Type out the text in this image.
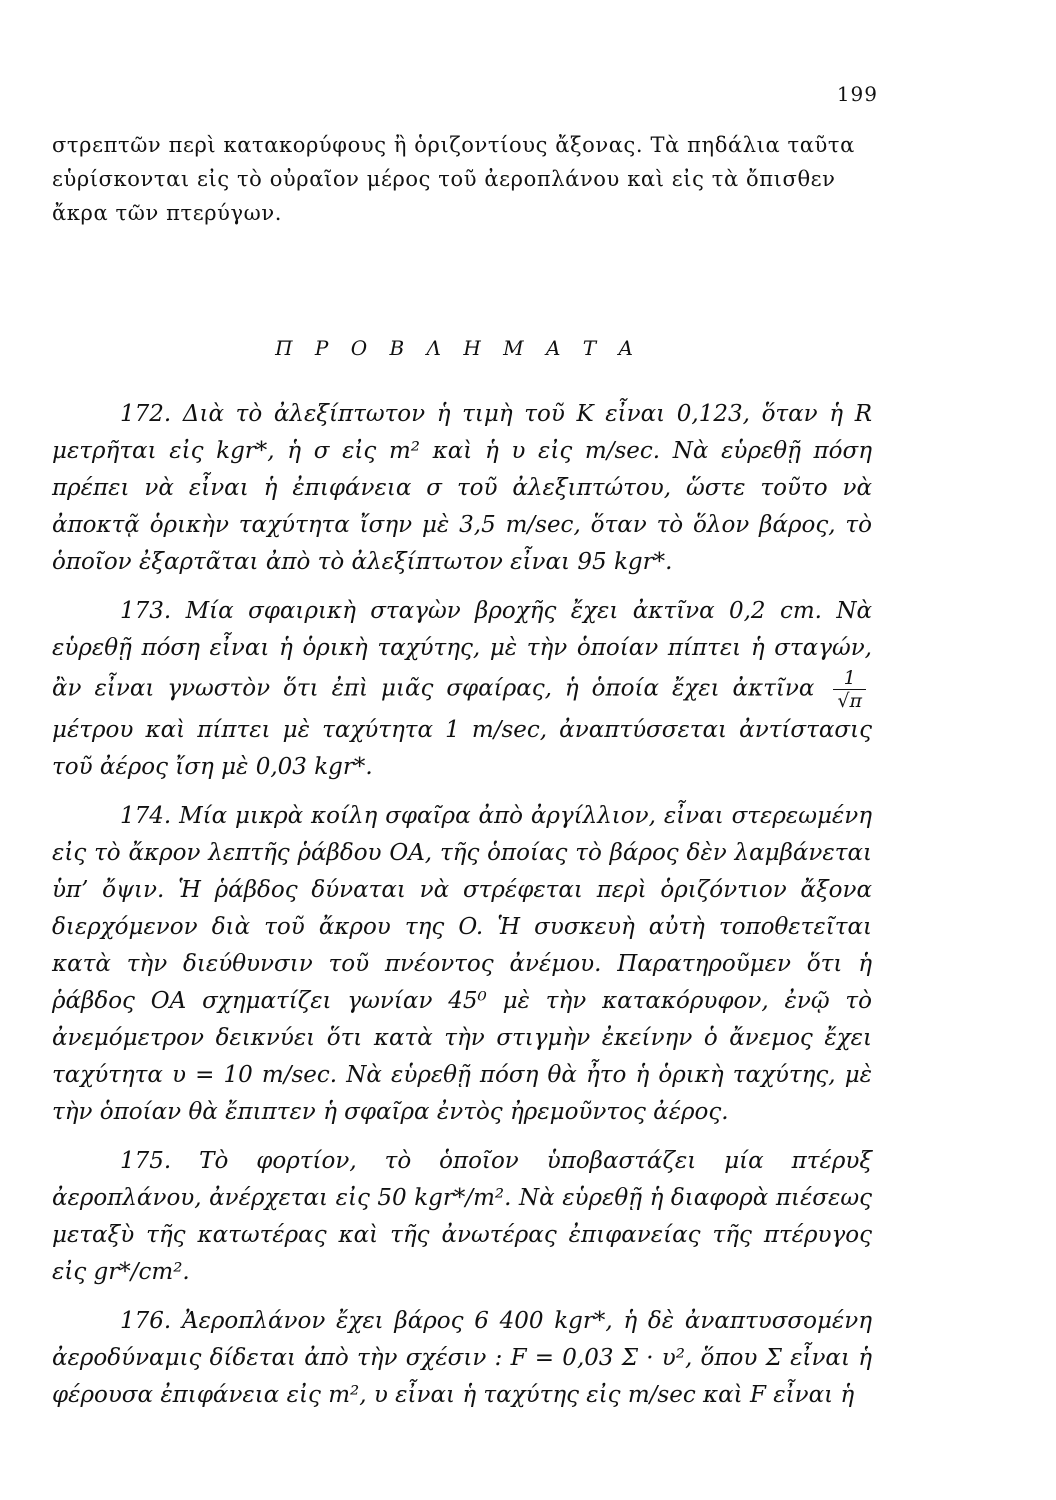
199
στρεπτῶν περὶ κατακορύφους ἢ ὁριζοντίους ἄξονας. Τὰ πηδάλια ταῦτα εὑρίσκονται εἰς τὸ οὐραῖον μέρος τοῦ ἀεροπλάνου καὶ εἰς τὰ ὄπισθεν ἄκρα τῶν πτερύγων.
Π Ρ Ο Β Λ Η Μ Α Τ Α

172. Διὰ τὸ ἀλεξίπτωτον ἡ τιμὴ τοῦ K εἶναι 0,123, ὅταν ἡ R μετρῆται εἰς kgr*, ἡ σ εἰς m² καὶ ἡ υ εἰς m/sec. Νὰ εὑρεθῇ πόση πρέπει νὰ εἶναι ἡ ἐπιφάνεια σ τοῦ ἀλεξιπτώτου, ὥστε τοῦτο νὰ ἀποκτᾷ ὁρικὴν ταχύτητα ἴσην μὲ 3,5 m/sec, ὅταν τὸ ὅλον βάρος, τὸ ὁποῖον ἐξαρτᾶται ἀπὸ τὸ ἀλεξίπτωτον εἶναι 95 kgr*.

173. Μία σφαιρικὴ σταγὼν βροχῆς ἔχει ἀκτῖνα 0,2 cm. Νὰ εὑρεθῇ πόση εἶναι ἡ ὁρικὴ ταχύτης, μὲ τὴν ὁποίαν πίπτει ἡ σταγών, ἂν εἶναι γνωστὸν ὅτι ἐπὶ μιᾶς σφαίρας, ἡ ὁποία ἔχει ἀκτῖνα $\frac{1}{√\pi}$
μέτρου καὶ πίπτει μὲ ταχύτητα 1 m/sec, ἀναπτύσσεται ἀντίστασις τοῦ ἀέρος ἴση μὲ 0,03 kgr*.

174. Μία μικρὰ κοίλη σφαῖρα ἀπὸ ἀργίλλιον, εἶναι στερεωμένη εἰς τὸ ἄκρον λεπτῆς ῥάβδου OA, τῆς ὁποίας τὸ βάρος δὲν λαμβάνεται ὑπ’ ὄψιν. Ἡ ῥάβδος δύναται νὰ στρέφεται περὶ ὁριζόντιον ἄξονα διερχόμενον διὰ τοῦ ἄκρου της O. Ἡ συσκευὴ αὐτὴ τοποθετεῖται κατὰ τὴν διεύθυνσιν τοῦ πνέοντος ἀνέμου. Παρατηροῦμεν ὅτι ἡ ῥάβδος OA σχηματίζει γωνίαν 45⁰ μὲ τὴν κατακόρυφον, ἐνῷ τὸ ἀνεμόμετρον δεικνύει ὅτι κατὰ τὴν στιγμὴν ἐκείνην ὁ ἄνεμος ἔχει ταχύτητα υ = 10 m/sec. Νὰ εὑρεθῇ πόση θὰ ἦτο ἡ ὁρικὴ ταχύτης, μὲ τὴν ὁποίαν θὰ ἔπιπτεν ἡ σφαῖρα ἐντὸς ἠρεμοῦντος ἀέρος.

175. Τὸ φορτίον, τὸ ὁποῖον ὑποβαστάζει μία πτέρυξ ἀεροπλάνου, ἀνέρχεται εἰς 50 kgr*/m². Νὰ εὑρεθῇ ἡ διαφορὰ πιέσεως μεταξὺ τῆς κατωτέρας καὶ τῆς ἀνωτέρας ἐπιφανείας τῆς πτέρυγος εἰς gr*/cm².

176. Ἀεροπλάνον ἔχει βάρος 6 400 kgr*, ἡ δὲ ἀναπτυσσομένη ἀεροδύναμις δίδεται ἀπὸ τὴν σχέσιν : F = 0,03 Σ · υ², ὅπου Σ εἶναι ἡ φέρουσα ἐπιφάνεια εἰς m², υ εἶναι ἡ ταχύτης εἰς m/sec καὶ F εἶναι ἡ
